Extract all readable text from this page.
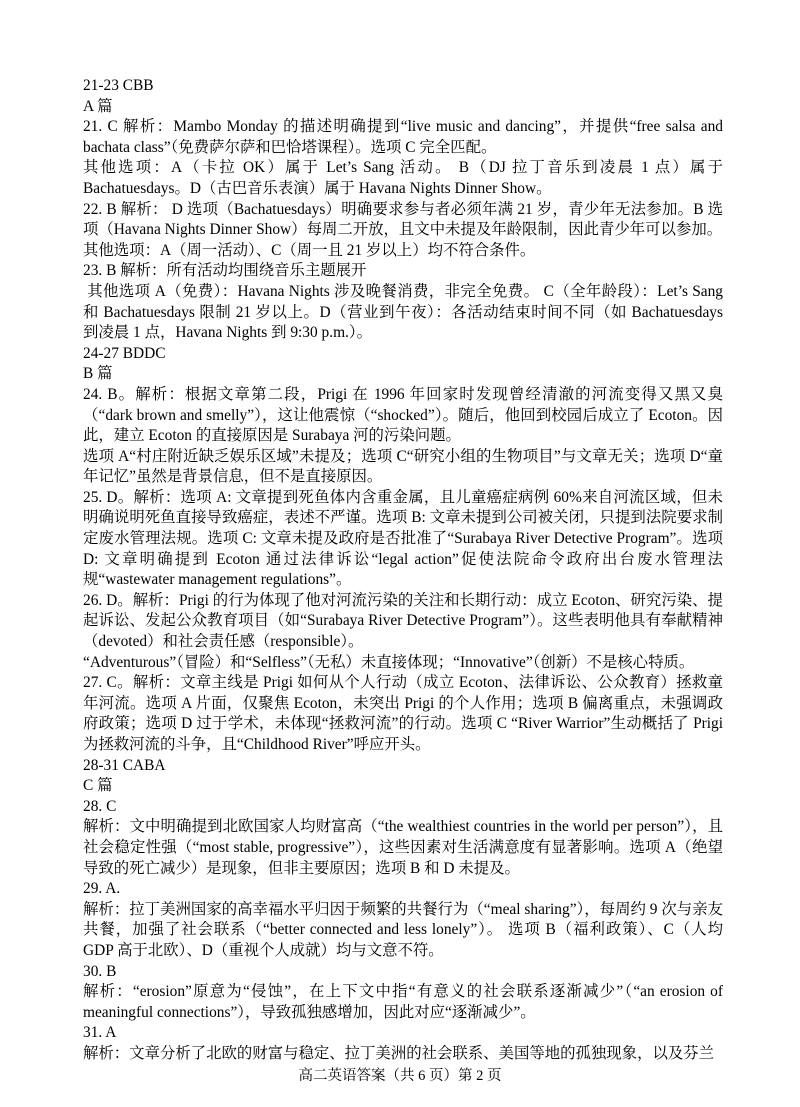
21-23 CBB

A 篇

21. C 解析：Mambo Monday 的描述明确提到“live music and dancing”，并提供“free salsa and bachata class”（免费萨尔萨和巴恰塔课程）。选项 C 完全匹配。

其他选项：A（卡拉 OK）属于 Let’s Sang 活动。 B（DJ 拉丁音乐到凌晨 1 点）属于 Bachatuesdays。D（古巴音乐表演）属于 Havana Nights Dinner Show。

22. B 解析： D 选项（Bachatuesdays）明确要求参与者必须年满 21 岁，青少年无法参加。B 选项（Havana Nights Dinner Show）每周二开放，且文中未提及年龄限制，因此青少年可以参加。

其他选项：A（周一活动）、C（周一且 21 岁以上）均不符合条件。

23. B 解析：所有活动均围绕音乐主题展开

其他选项 A（免费）：Havana Nights 涉及晚餐消费，非完全免费。 C（全年龄段）：Let’s Sang 和 Bachatuesdays 限制 21 岁以上。D（营业到午夜）：各活动结束时间不同（如 Bachatuesdays 到凌晨 1 点，Havana Nights 到 9:30 p.m.）。

24-27 BDDC

B 篇

24. B。解析：根据文章第二段，Prigi 在 1996 年回家时发现曾经清澈的河流变得又黑又臭（“dark brown and smelly”），这让他震惊（“shocked”）。随后，他回到校园后成立了 Ecoton。因此，建立 Ecoton 的直接原因是 Surabaya 河的污染问题。

选项 A“村庄附近缺乏娱乐区域”未提及；选项 C“研究小组的生物项目”与文章无关；选项 D“童年记忆”虽然是背景信息，但不是直接原因。

25. D。解析：选项 A: 文章提到死鱼体内含重金属，且儿童癌症病例 60%来自河流区域，但未明确说明死鱼直接导致癌症，表述不严谨。选项 B: 文章未提到公司被关闭，只提到法院要求制定废水管理法规。选项 C: 文章未提及政府是否批准了“Surabaya River Detective Program”。选项 D: 文章明确提到 Ecoton 通过法律诉讼“legal action”促使法院命令政府出台废水管理法规“wastewater management regulations”。

26. D。解析：Prigi 的行为体现了他对河流污染的关注和长期行动：成立 Ecoton、研究污染、提起诉讼、发起公众教育项目（如“Surabaya River Detective Program”）。这些表明他具有奉献精神（devoted）和社会责任感（responsible）。

“Adventurous”（冒险）和“Selfless”（无私）未直接体现；“Innovative”（创新）不是核心特质。

27. C。解析：文章主线是 Prigi 如何从个人行动（成立 Ecoton、法律诉讼、公众教育）拯救童年河流。选项 A 片面，仅聚焦 Ecoton，未突出 Prigi 的个人作用；选项 B 偏离重点，未强调政府政策；选项 D 过于学术，未体现“拯救河流”的行动。选项 C “River Warrior”生动概括了 Prigi 为拯救河流的斗争，且“Childhood River”呼应开头。

28-31 CABA

C 篇

28. C

解析：文中明确提到北欧国家人均财富高（“the wealthiest countries in the world per person”），且社会稳定性强（“most stable, progressive”），这些因素对生活满意度有显著影响。选项 A（绝望导致的死亡减少）是现象，但非主要原因；选项 B 和 D 未提及。

29. A.

解析：拉丁美洲国家的高幸福水平归因于频繁的共餐行为（“meal sharing”），每周约 9 次与亲友共餐，加强了社会联系（“better connected and less lonely”）。 选项 B（福利政策）、C（人均 GDP 高于北欧）、D（重视个人成就）均与文意不符。

30. B

解析：“erosion”原意为“侵蚀”，在上下文中指“有意义的社会联系逐渐减少”（“an erosion of meaningful connections”），导致孤独感增加，因此对应“逐渐减少”。

31. A

解析：文章分析了北欧的财富与稳定、拉丁美洲的社会联系、美国等地的孤独现象，以及芬兰

高二英语答案（共 6 页）第 2 页
